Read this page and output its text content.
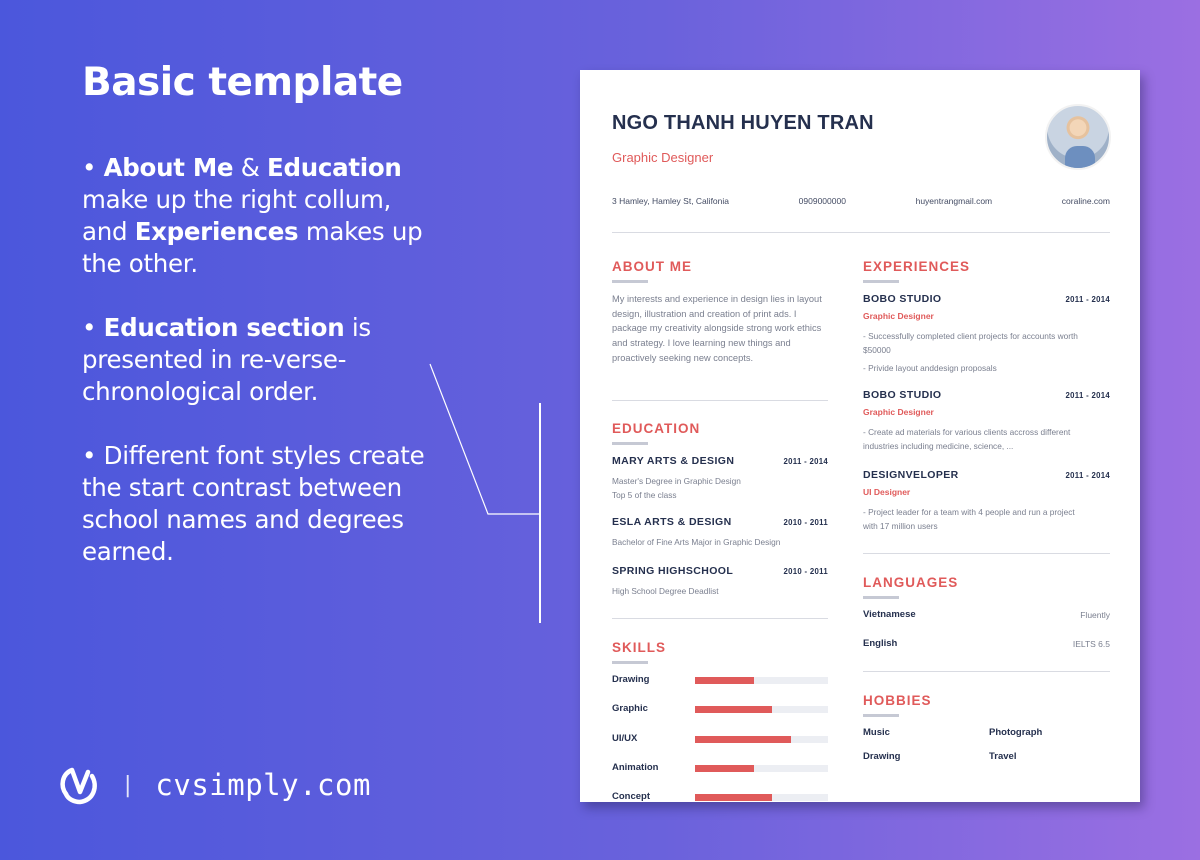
Basic template
• About Me & Education make up the right collum, and Experiences makes up the other.
• Education section is presented in re-verse-chronological order.
• Different font styles create the start contrast between school names and degrees earned.
| cvsimply.com
NGO THANH HUYEN TRAN
Graphic Designer
3 Hamley, Hamley St, Califonia	0909000000	huyentrangmail.com	coraline.com
ABOUT ME
My interests and experience in design lies in layout design, illustration and creation of print ads. I package my creativity alongside strong work ethics and strategy. I love learning new things and proactively seeking new concepts.
EDUCATION
MARY ARTS & DESIGN	2011 - 2014
Master's Degree in Graphic Design
Top 5 of the class
ESLA ARTS & DESIGN	2010 - 2011
Bachelor of Fine Arts Major in Graphic Design
SPRING HIGHSCHOOL	2010 - 2011
High School Degree Deadlist
SKILLS
EXPERIENCES
BOBO STUDIO	2011 - 2014
Graphic Designer
- Successfully completed client projects for accounts worth
$50000
- Privide layout anddesign proposals
BOBO STUDIO	2011 - 2014
Graphic Designer
- Create ad materials for various clients accross different
industries including medicine, science, ...
DESIGNVELOPER	2011 - 2014
UI Designer
- Project leader for a team with 4 people and run a project
with 17 million users
LANGUAGES
Vietnamese	Fluently
English	IELTS 6.5
HOBBIES
Music	Photograph
Drawing	Travel
Drawing
Graphic
UI/UX
Animation
Concept
